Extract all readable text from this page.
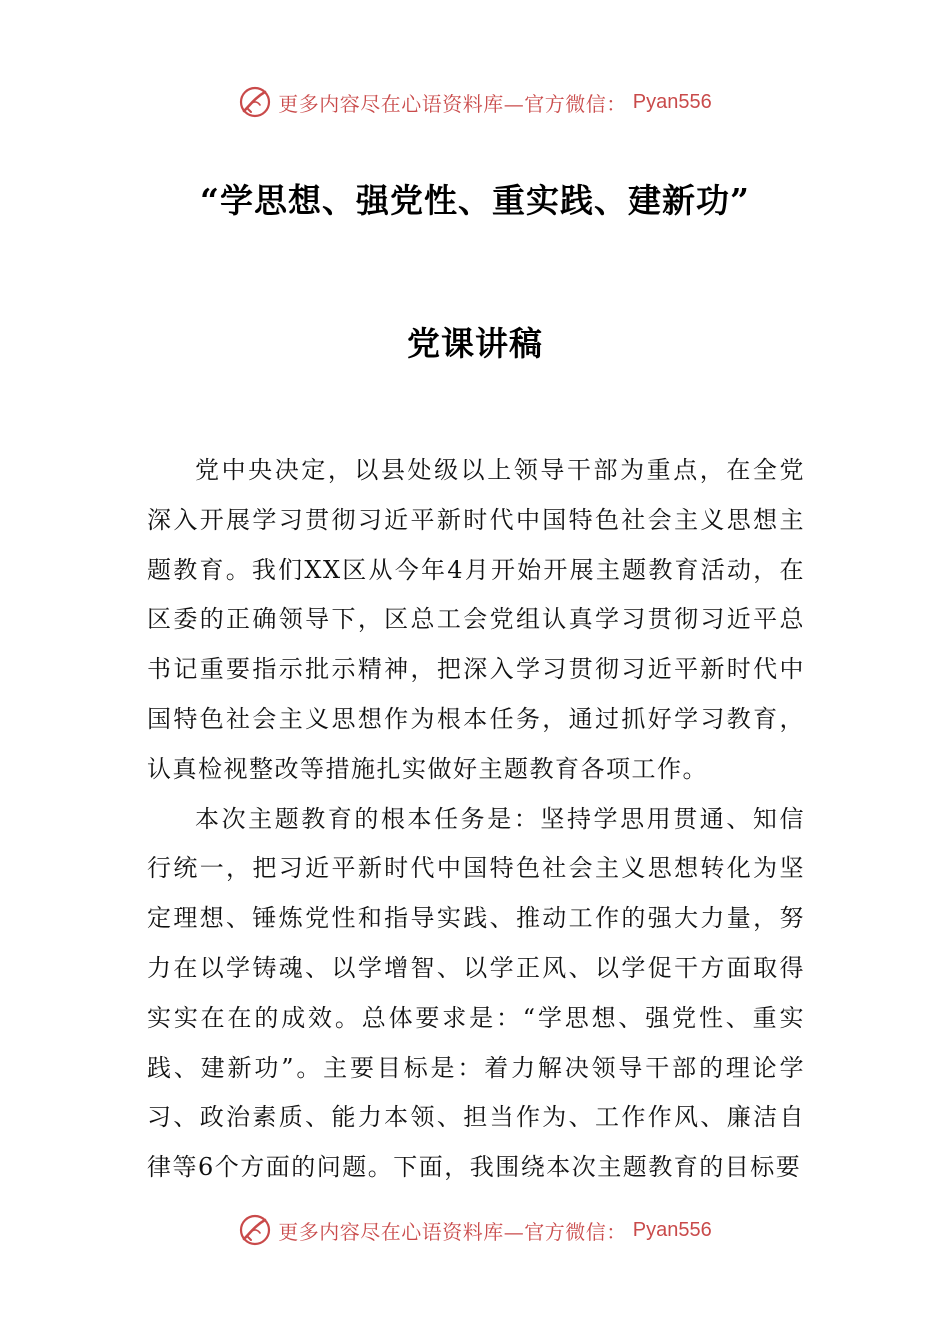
更多内容尽在心语资料库—官方微信： Pyan556
“学思想、强党性、重实践、建新功”
党课讲稿

党中央决定，以县处级以上领导干部为重点，在全党深入开展学习贯彻习近平新时代中国特色社会主义思想主题教育。我们XX区从今年4月开始开展主题教育活动，在区委的正确领导下，区总工会党组认真学习贯彻习近平总书记重要指示批示精神，把深入学习贯彻习近平新时代中国特色社会主义思想作为根本任务，通过抓好学习教育，认真检视整改等措施扎实做好主题教育各项工作。

本次主题教育的根本任务是：坚持学思用贯通、知信行统一，把习近平新时代中国特色社会主义思想转化为坚定理想、锤炼党性和指导实践、推动工作的强大力量，努力在以学铸魂、以学增智、以学正风、以学促干方面取得实实在在的成效。总体要求是：“学思想、强党性、重实践、建新功”。主要目标是：着力解决领导干部的理论学习、政治素质、能力本领、担当作为、工作作风、廉洁自律等6个方面的问题。下面，我围绕本次主题教育的目标要

更多内容尽在心语资料库—官方微信： Pyan556
